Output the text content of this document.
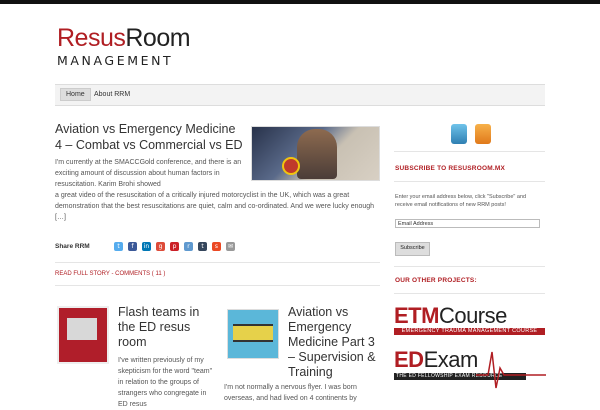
ResusRoom
MANAGEMENT
Home	About RRM
Aviation vs Emergency Medicine 4 – Combat vs Commercial vs ED
I'm currently at the SMACCGold conference, and there is an exciting amount of discussion about human factors in resuscitation. Karim Brohi showed
a great video of the resuscitation of a critically injured motorcyclist in the UK, which was a great demonstration that the best resuscitations are quiet, calm and co-ordinated. And we were lucky enough […]
Share RRM	t	f	in	g	p	r	t	s	✉
READ FULL STORY - COMMENTS ( 11 )
Flash teams in the ED resus room
I've written previously of my skepticism for the word "team" in relation to the groups of strangers who congregate in ED resus
Aviation vs Emergency Medicine Part 3 – Supervision & Training
I'm not normally a nervous flyer. I was born overseas, and had lived on 4 continents by
SUBSCRIBE TO RESUSROOM.MX
Enter your email address below, click "Subscribe" and receive email notifications of new RRM posts!
Email Address
Subscribe
OUR OTHER PROJECTS:
ETMCourse
EMERGENCY TRAUMA MANAGEMENT COURSE
EDExam
THE ED FELLOWSHIP EXAM RESOURCE
